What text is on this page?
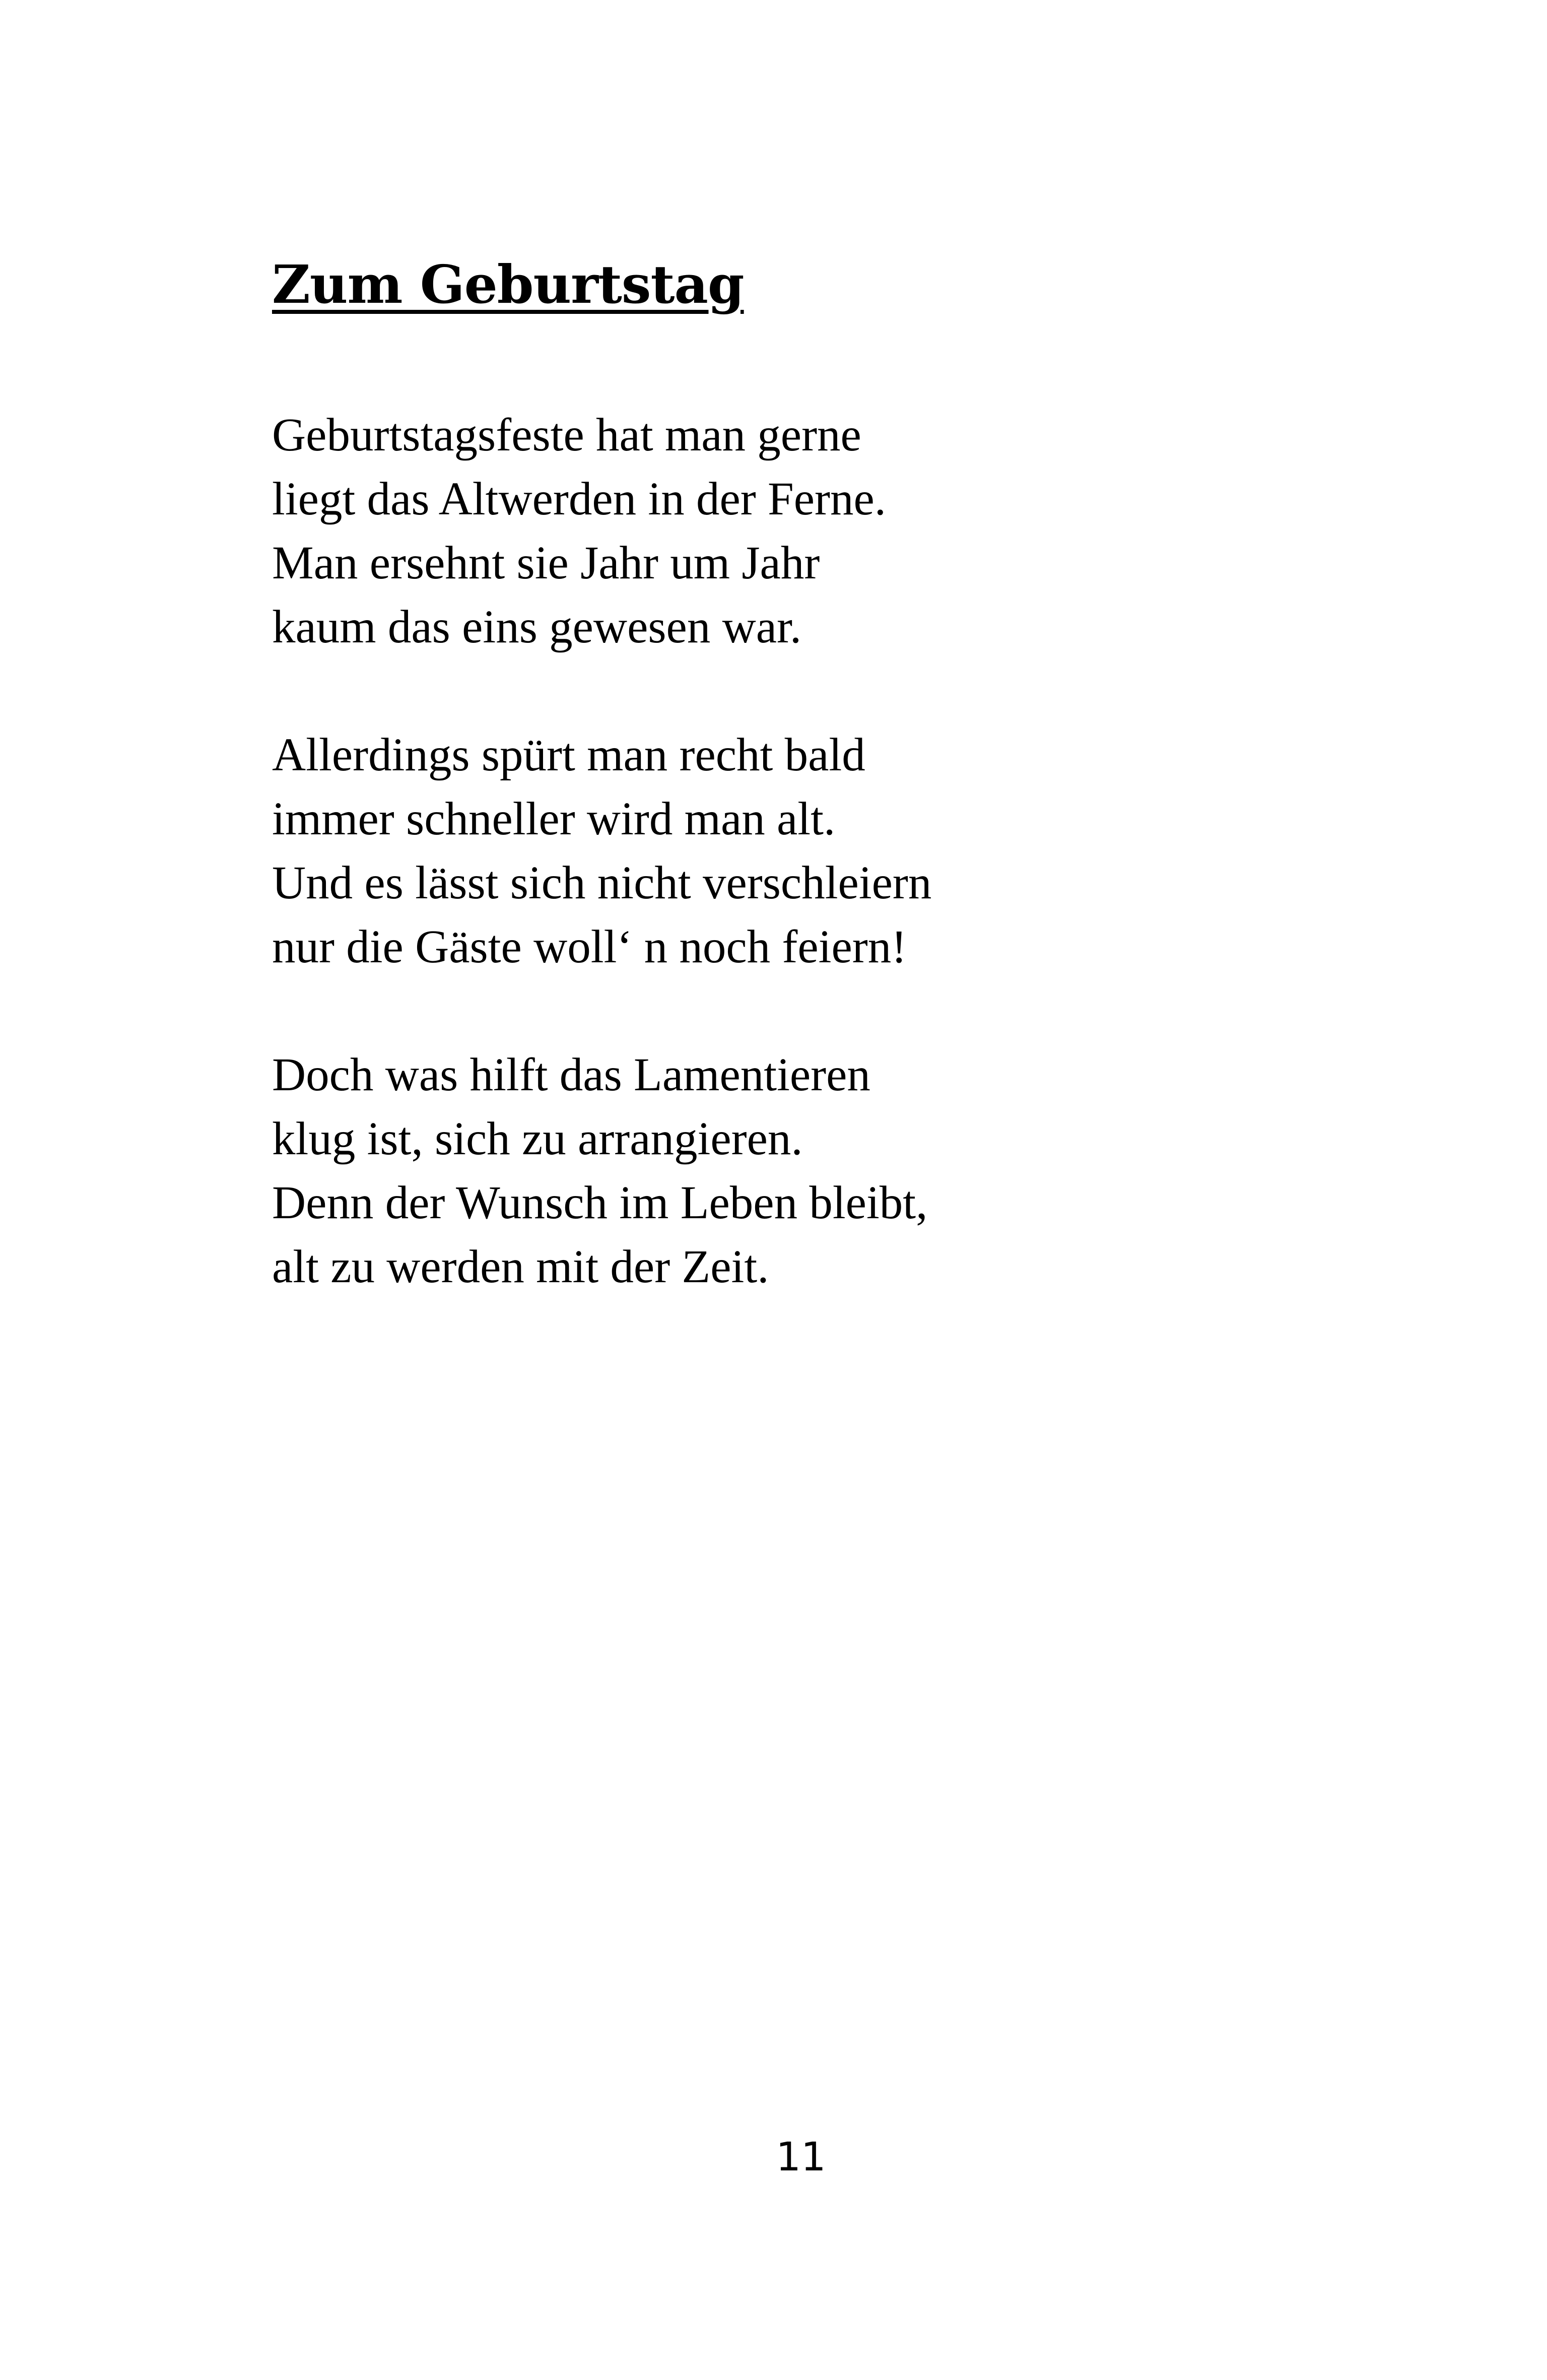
Zum Geburtstag

Geburtstagsfeste hat man gerne
liegt das Altwerden in der Ferne.
Man ersehnt sie Jahr um Jahr
kaum das eins gewesen war.

Allerdings spürt man recht bald
immer schneller wird man alt.
Und es lässt sich nicht verschleiern
nur die Gäste woll‘ n noch feiern!

Doch was hilft das Lamentieren
klug ist, sich zu arrangieren.
Denn der Wunsch im Leben bleibt,
alt zu werden mit der Zeit.

11
